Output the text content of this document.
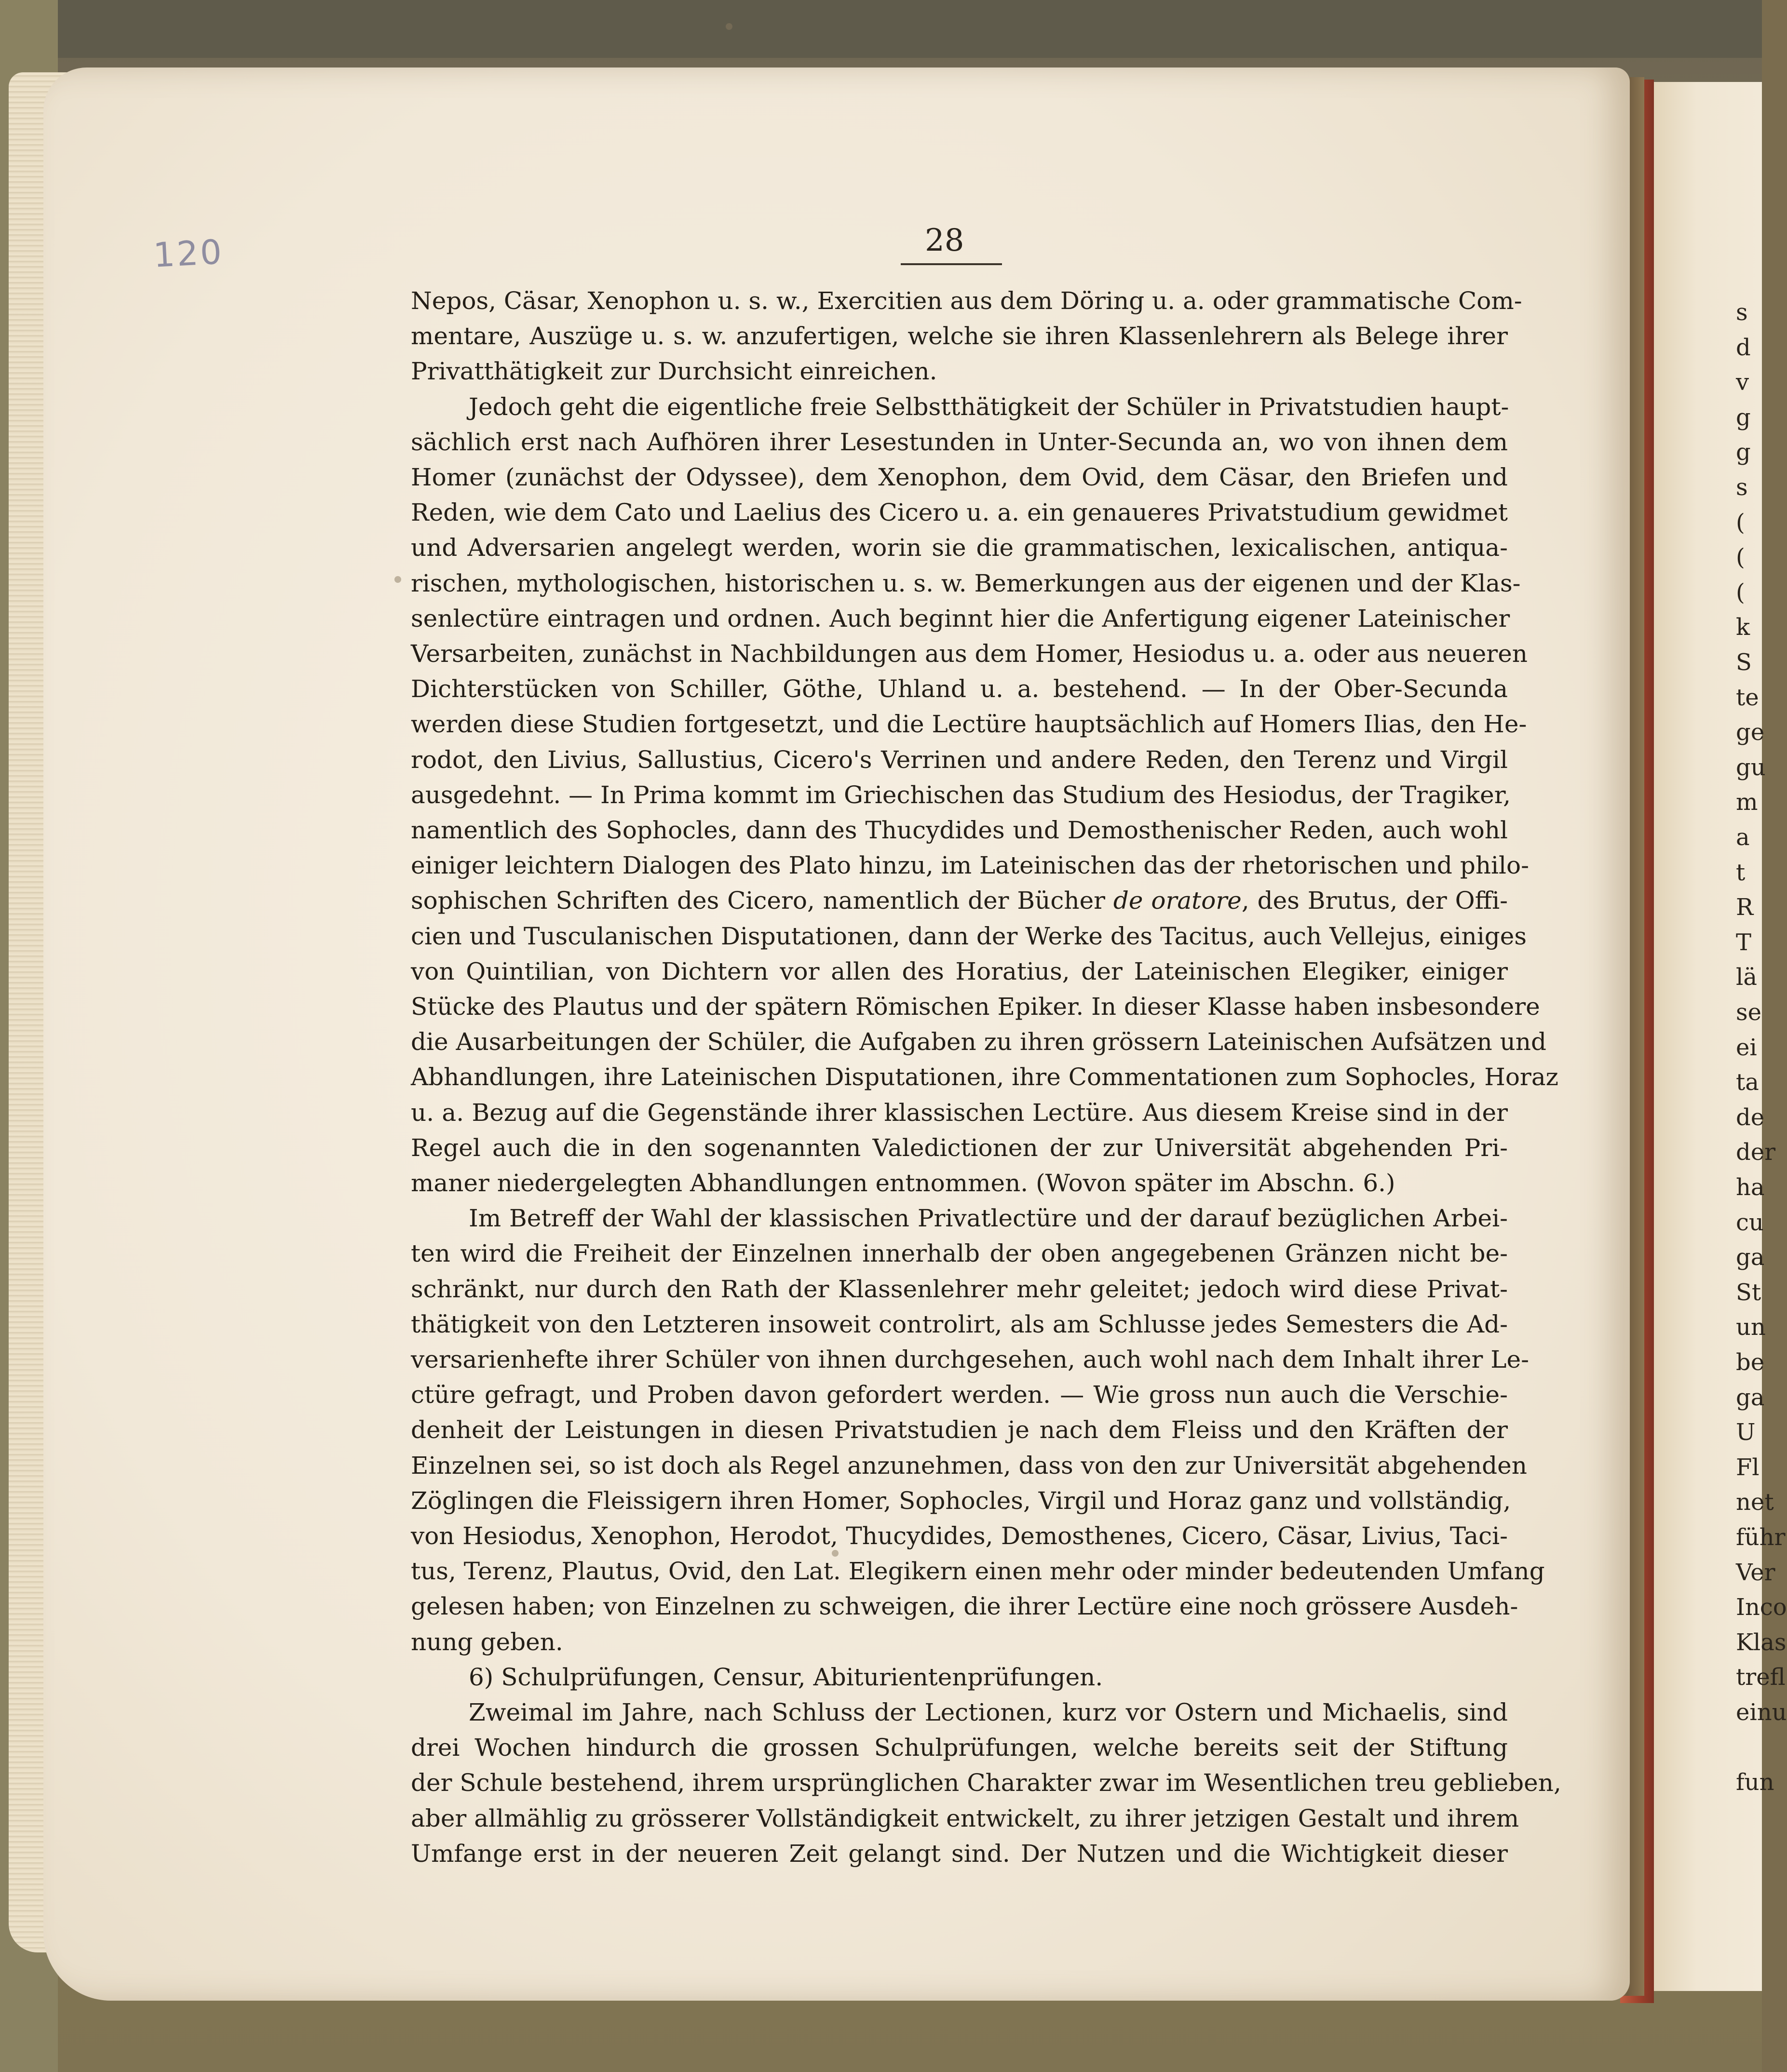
120	28
Nepos, Cäsar, Xenophon u. s. w., Exercitien aus dem Döring u. a. oder grammatische Com-
mentare, Auszüge u. s. w. anzufertigen, welche sie ihren Klassenlehrern als Belege ihrer
Privatthätigkeit zur Durchsicht einreichen.
Jedoch geht die eigentliche freie Selbstthätigkeit der Schüler in Privatstudien haupt-
sächlich erst nach Aufhören ihrer Lesestunden in Unter-Secunda an, wo von ihnen dem
Homer (zunächst der Odyssee), dem Xenophon, dem Ovid, dem Cäsar, den Briefen und
Reden, wie dem Cato und Laelius des Cicero u. a. ein genaueres Privatstudium gewidmet
und Adversarien angelegt werden, worin sie die grammatischen, lexicalischen, antiqua-
rischen, mythologischen, historischen u. s. w. Bemerkungen aus der eigenen und der Klas-
senlectüre eintragen und ordnen. Auch beginnt hier die Anfertigung eigener Lateinischer
Versarbeiten, zunächst in Nachbildungen aus dem Homer, Hesiodus u. a. oder aus neueren
Dichterstücken von Schiller, Göthe, Uhland u. a. bestehend. — In der Ober-Secunda
werden diese Studien fortgesetzt, und die Lectüre hauptsächlich auf Homers Ilias, den He-
rodot, den Livius, Sallustius, Cicero's Verrinen und andere Reden, den Terenz und Virgil
ausgedehnt. — In Prima kommt im Griechischen das Studium des Hesiodus, der Tragiker,
namentlich des Sophocles, dann des Thucydides und Demosthenischer Reden, auch wohl
einiger leichtern Dialogen des Plato hinzu, im Lateinischen das der rhetorischen und philo-
sophischen Schriften des Cicero, namentlich der Bücher de oratore, des Brutus, der Offi-
cien und Tusculanischen Disputationen, dann der Werke des Tacitus, auch Vellejus, einiges
von Quintilian, von Dichtern vor allen des Horatius, der Lateinischen Elegiker, einiger
Stücke des Plautus und der spätern Römischen Epiker. In dieser Klasse haben insbesondere
die Ausarbeitungen der Schüler, die Aufgaben zu ihren grössern Lateinischen Aufsätzen und
Abhandlungen, ihre Lateinischen Disputationen, ihre Commentationen zum Sophocles, Horaz
u. a. Bezug auf die Gegenstände ihrer klassischen Lectüre. Aus diesem Kreise sind in der
Regel auch die in den sogenannten Valedictionen der zur Universität abgehenden Pri-
maner niedergelegten Abhandlungen entnommen. (Wovon später im Abschn. 6.)
Im Betreff der Wahl der klassischen Privatlectüre und der darauf bezüglichen Arbei-
ten wird die Freiheit der Einzelnen innerhalb der oben angegebenen Gränzen nicht be-
schränkt, nur durch den Rath der Klassenlehrer mehr geleitet; jedoch wird diese Privat-
thätigkeit von den Letzteren insoweit controlirt, als am Schlusse jedes Semesters die Ad-
versarienhefte ihrer Schüler von ihnen durchgesehen, auch wohl nach dem Inhalt ihrer Le-
ctüre gefragt, und Proben davon gefordert werden. — Wie gross nun auch die Verschie-
denheit der Leistungen in diesen Privatstudien je nach dem Fleiss und den Kräften der
Einzelnen sei, so ist doch als Regel anzunehmen, dass von den zur Universität abgehenden
Zöglingen die Fleissigern ihren Homer, Sophocles, Virgil und Horaz ganz und vollständig,
von Hesiodus, Xenophon, Herodot, Thucydides, Demosthenes, Cicero, Cäsar, Livius, Taci-
tus, Terenz, Plautus, Ovid, den Lat. Elegikern einen mehr oder minder bedeutenden Umfang
gelesen haben; von Einzelnen zu schweigen, die ihrer Lectüre eine noch grössere Ausdeh-
nung geben.
6) Schulprüfungen, Censur, Abiturientenprüfungen.
Zweimal im Jahre, nach Schluss der Lectionen, kurz vor Ostern und Michaelis, sind
drei Wochen hindurch die grossen Schulprüfungen, welche bereits seit der Stiftung
der Schule bestehend, ihrem ursprünglichen Charakter zwar im Wesentlichen treu geblieben,
aber allmählig zu grösserer Vollständigkeit entwickelt, zu ihrer jetzigen Gestalt und ihrem
Umfange erst in der neueren Zeit gelangt sind. Der Nutzen und die Wichtigkeit dieser
s
d
v
g
g
s
(
(
(
k
S
te
ge
gu
m
a
t
R
T
lä
se
ei
ta
de
der
ha
cu
ga
St
un
be
ga
U
Fl
net
führ
Ver
Inco
Klas
trefl
einu
fun
